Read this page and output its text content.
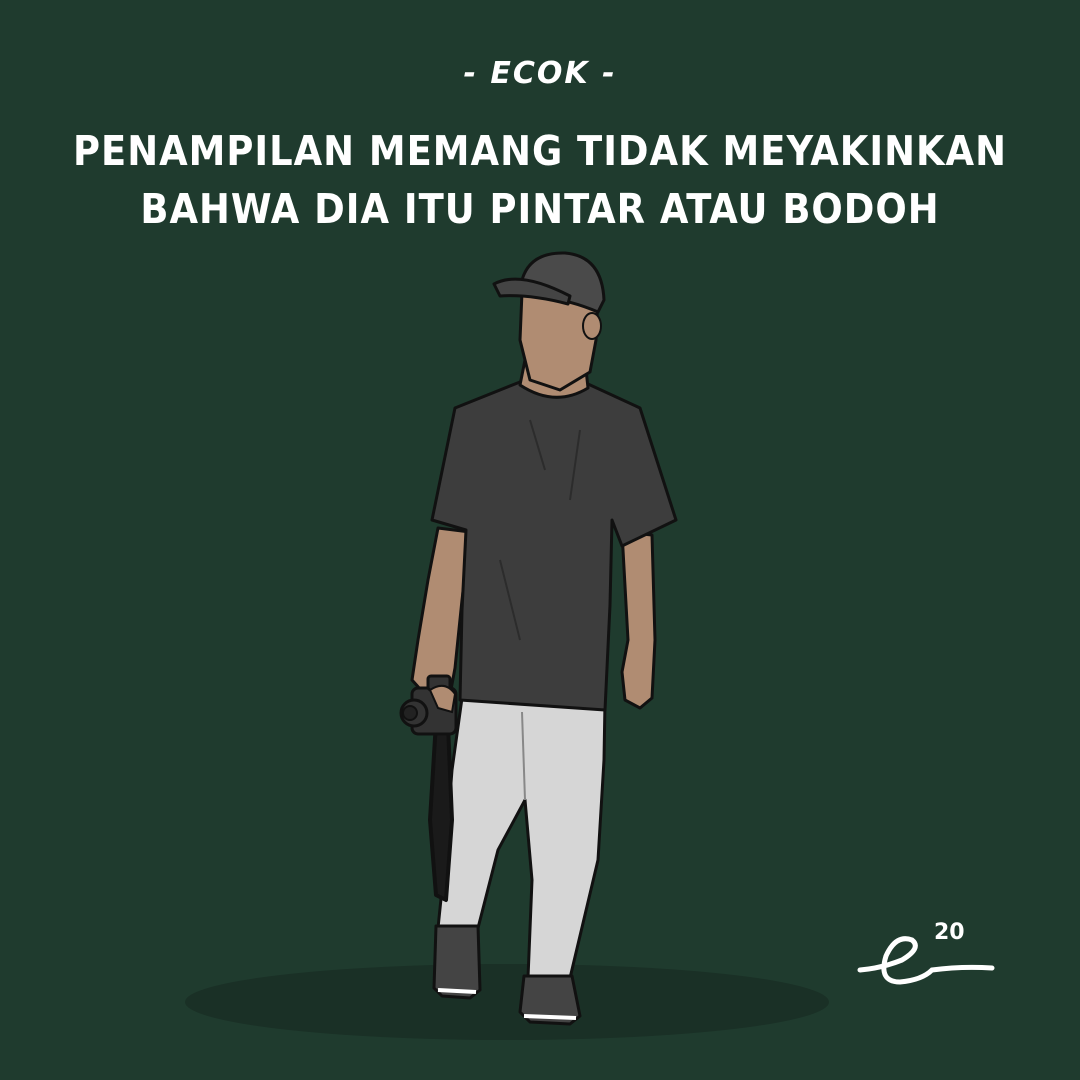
- ECOK -
PENAMPILAN MEMANG TIDAK MEYAKINKAN
BAHWA DIA ITU PINTAR ATAU BODOH
20
